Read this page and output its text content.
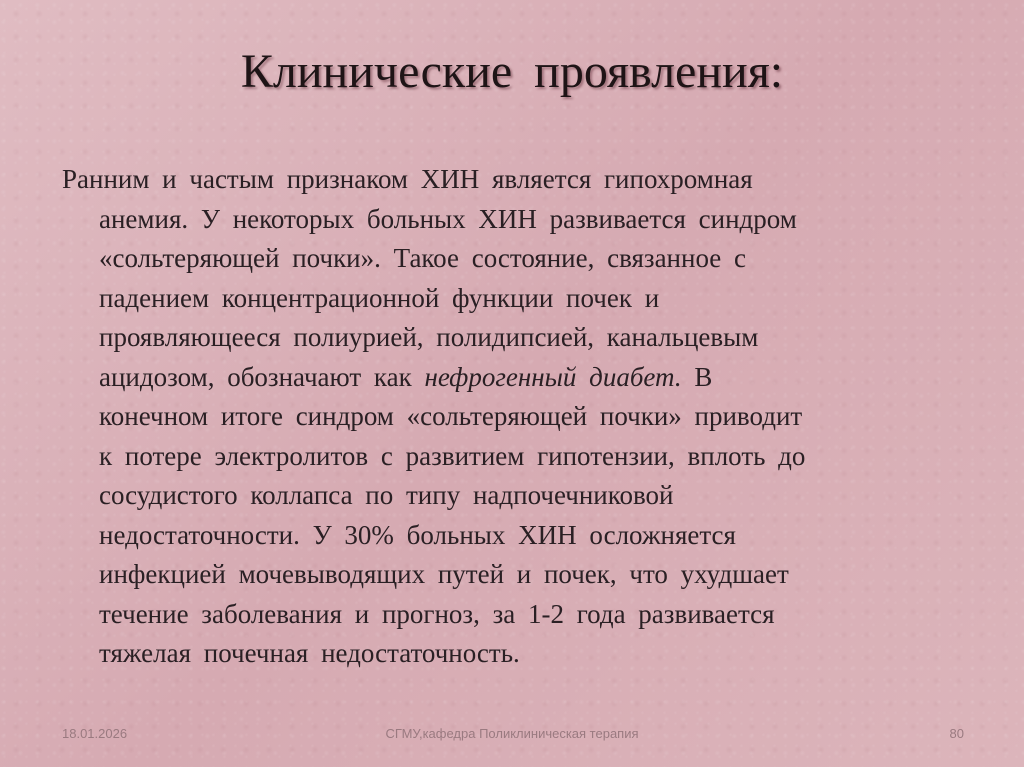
Клинические проявления:
Ранним и частым признаком ХИН является гипохромная
анемия. У некоторых больных ХИН развивается синдром
«сольтеряющей почки». Такое состояние, связанное с
падением концентрационной функции почек и
проявляющееся полиурией, полидипсией, канальцевым
ацидозом, обозначают как нефрогенный диабет. В
конечном итоге синдром «сольтеряющей почки» приводит
к потере электролитов с развитием гипотензии, вплоть до
сосудистого коллапса по типу надпочечниковой
недостаточности. У 30% больных ХИН осложняется
инфекцией мочевыводящих путей и почек, что ухудшает
течение заболевания и прогноз, за 1-2 года развивается
тяжелая почечная недостаточность.
18.01.2026	СГМУ,кафедра Поликлиническая терапия	80
